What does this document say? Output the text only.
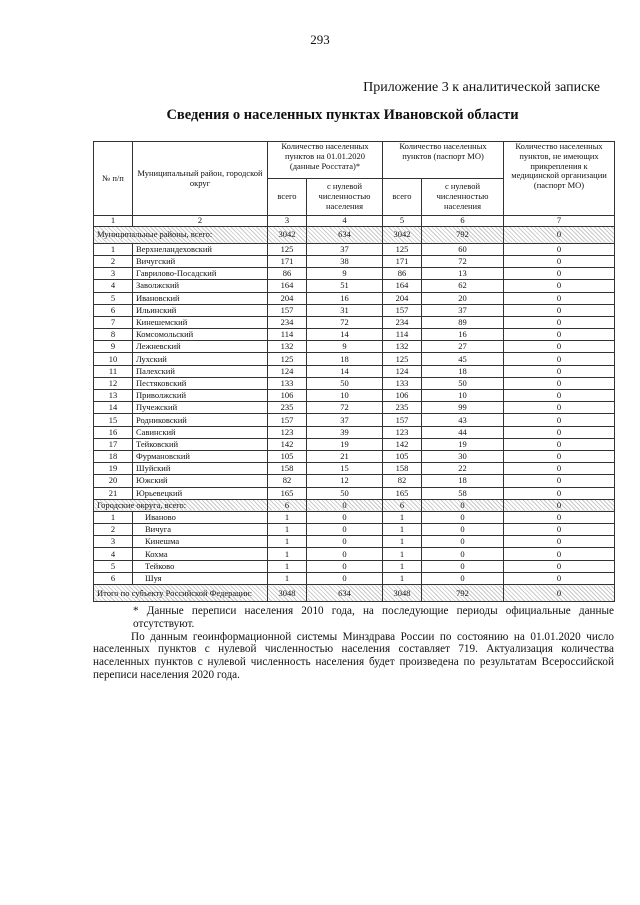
293
Приложение 3 к аналитической записке
Сведения о населенных пунктах Ивановской области
№ п/п	Муниципальный район, городской округ	Количество населенных пунктов на 01.01.2020 (данные Росстата)*		Количество населенных пунктов (паспорт МО)		Количество населенных пунктов, не имеющих прикрепления к медицинской организации (паспорт МО)
		всего	с нулевой численностью населения	всего	с нулевой численностью населения	
1	2	3	4	5	6	7
Муниципальные районы, всего:		3042	634	3042	792	0
1	Верхнеландеховский	125	37	125	60	0
2	Вичугский	171	38	171	72	0
3	Гаврилово-Посадский	86	9	86	13	0
4	Заволжский	164	51	164	62	0
5	Ивановский	204	16	204	20	0
6	Ильинский	157	31	157	37	0
7	Кинешемский	234	72	234	89	0
8	Комсомольский	114	14	114	16	0
9	Лежневский	132	9	132	27	0
10	Лухский	125	18	125	45	0
11	Палехский	124	14	124	18	0
12	Пестяковский	133	50	133	50	0
13	Приволжский	106	10	106	10	0
14	Пучежский	235	72	235	99	0
15	Родниковский	157	37	157	43	0
16	Савинский	123	39	123	44	0
17	Тейковский	142	19	142	19	0
18	Фурмановский	105	21	105	30	0
19	Шуйский	158	15	158	22	0
20	Южский	82	12	82	18	0
21	Юрьевецкий	165	50	165	58	0
Городские округа, всего:		6	0	6	0	0
1	Иваново	1	0	1	0	0
2	Вичуга	1	0	1	0	0
3	Кинешма	1	0	1	0	0
4	Кохма	1	0	1	0	0
5	Тейково	1	0	1	0	0
6	Шуя	1	0	1	0	0
Итого по субъекту Российской Федерации:		3048	634	3048	792	0

* Данные переписи населения 2010 года, на последующие периоды официальные данные отсутствуют.

По данным геоинформационной системы Минздрава России по состоянию на 01.01.2020 число населенных пунктов с нулевой численностью населения составляет 719. Актуализация количества населенных пунктов с нулевой численность населения будет произведена по результатам Всероссийской переписи населения 2020 года.
